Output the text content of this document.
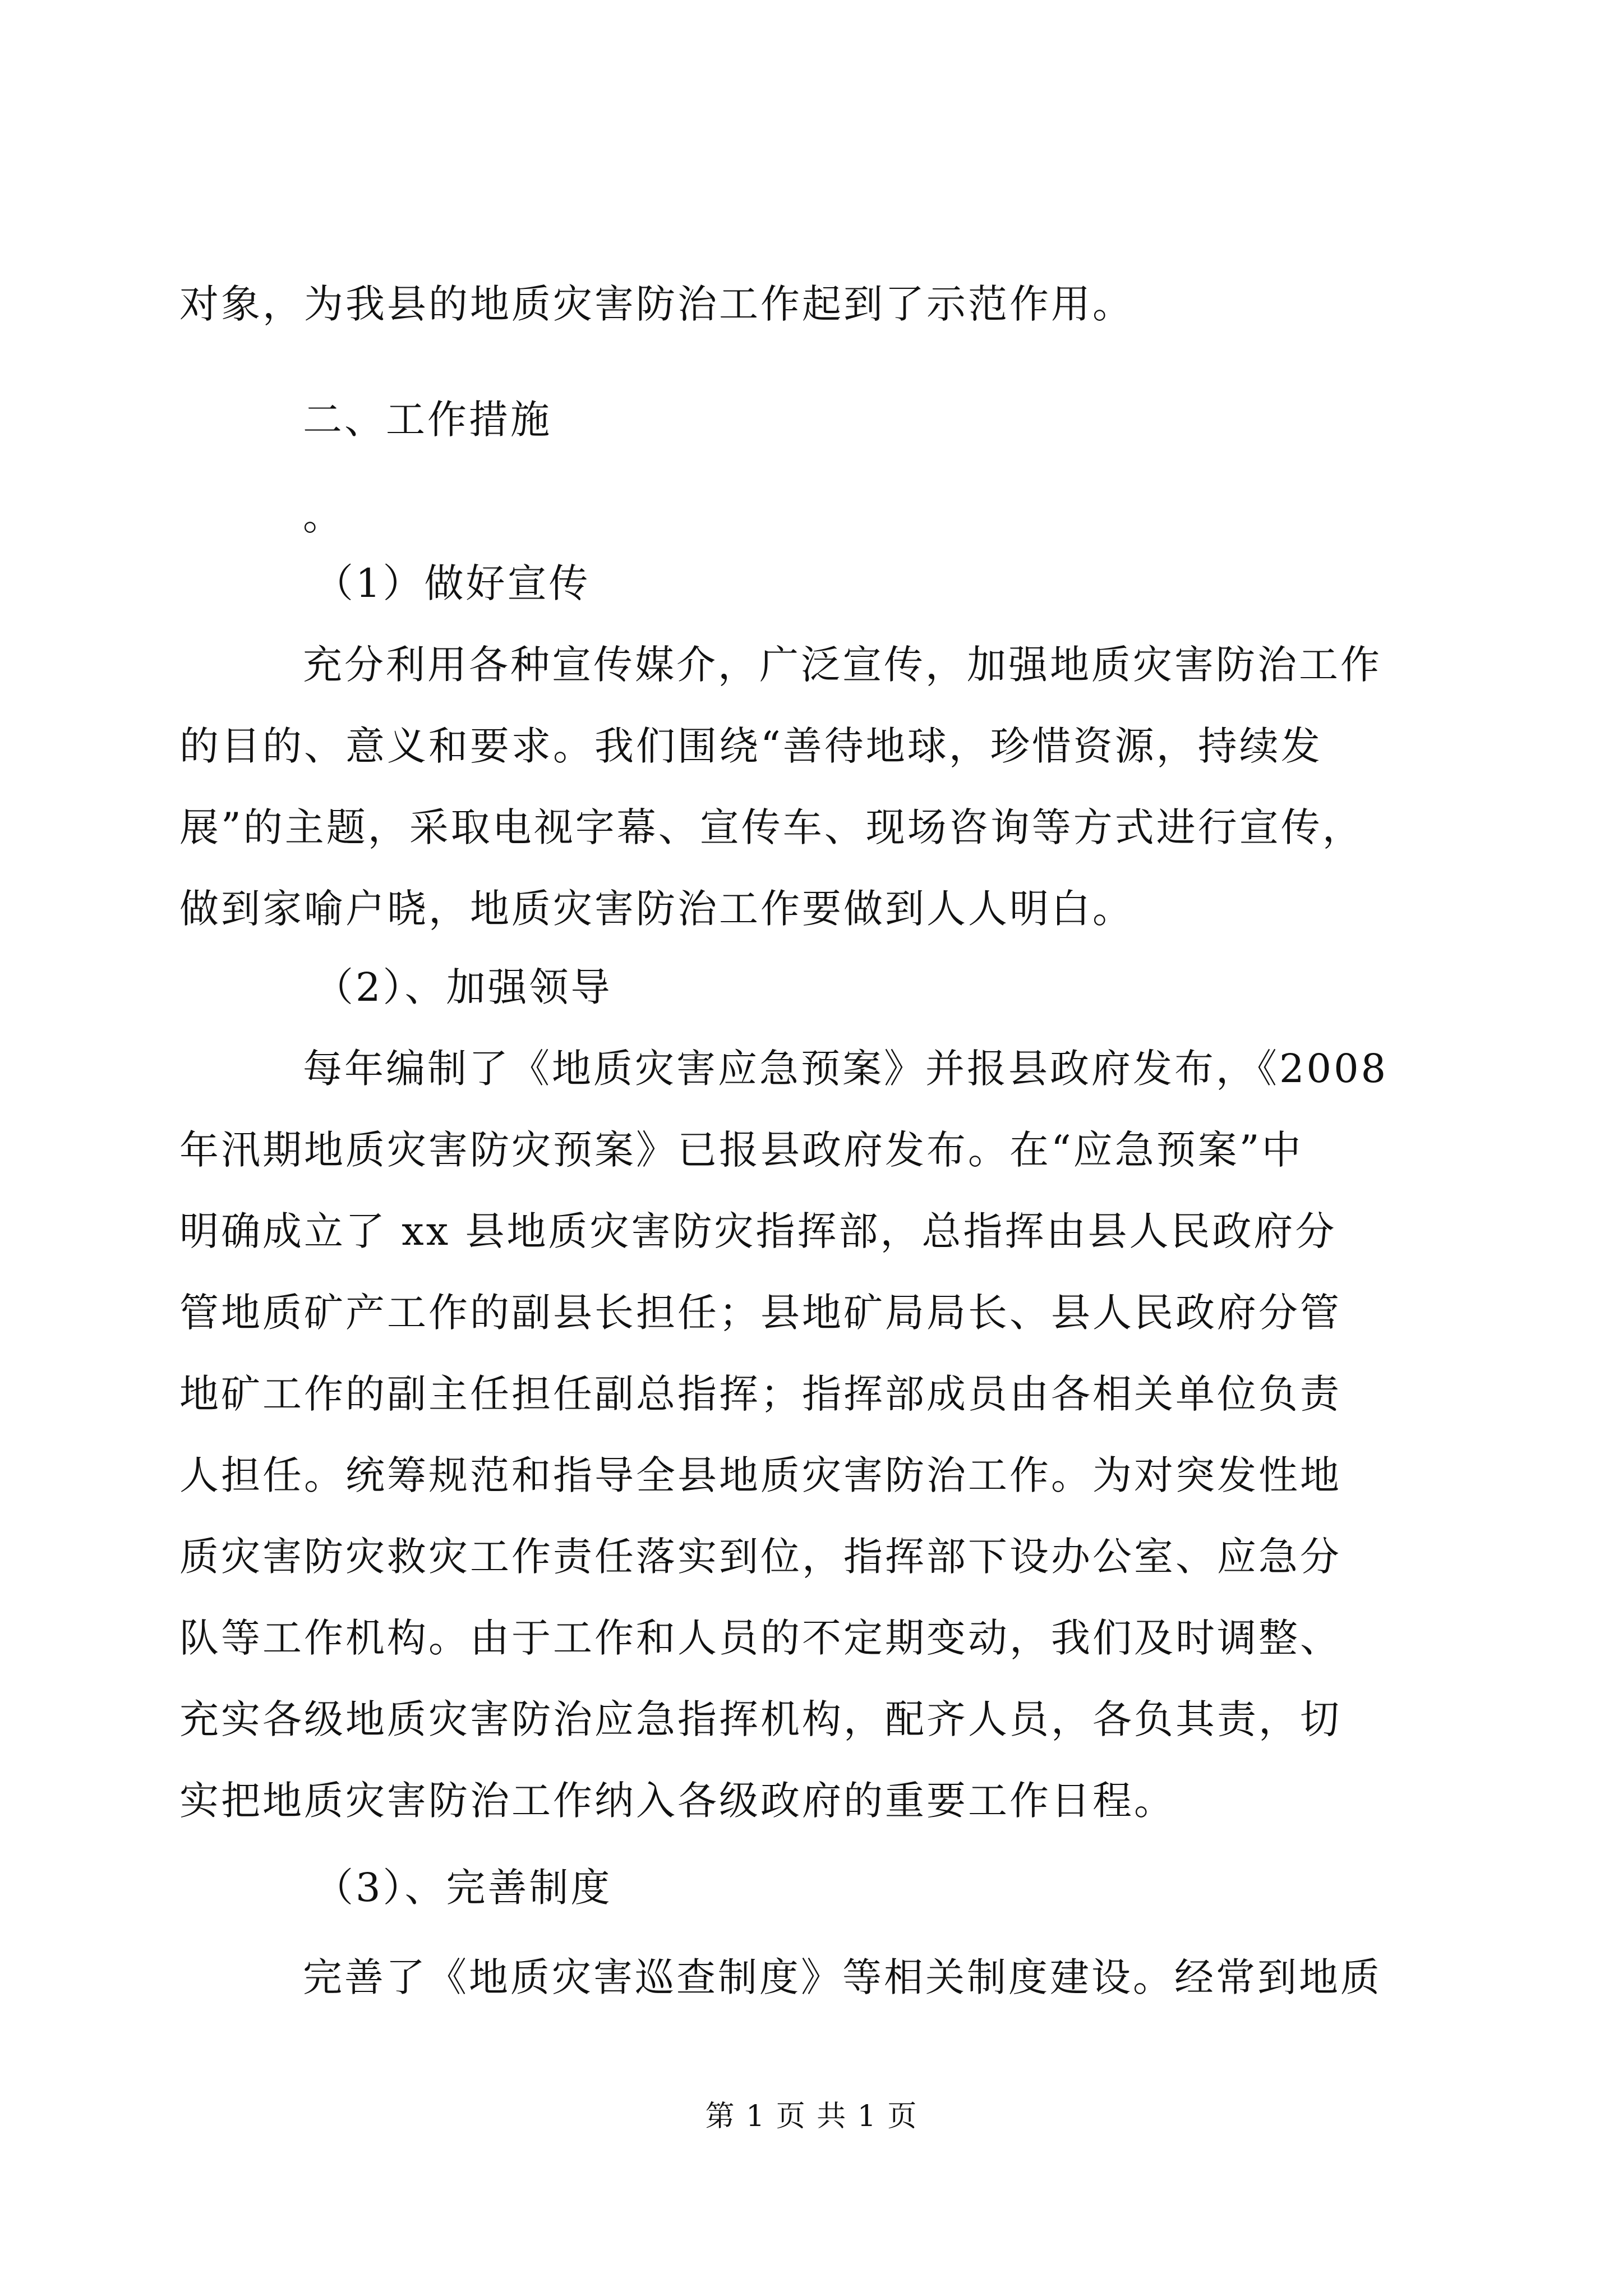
对象，为我县的地质灾害防治工作起到了示范作用。
二、工作措施
。
（1）做好宣传
充分利用各种宣传媒介，广泛宣传，加强地质灾害防治工作
的目的、意义和要求。我们围绕“善待地球，珍惜资源，持续发
展”的主题，采取电视字幕、宣传车、现场咨询等方式进行宣传，
做到家喻户晓，地质灾害防治工作要做到人人明白。
（2）、加强领导
每年编制了《地质灾害应急预案》并报县政府发布，《2008
年汛期地质灾害防灾预案》已报县政府发布。在“应急预案”中
明确成立了 xx 县地质灾害防灾指挥部，总指挥由县人民政府分
管地质矿产工作的副县长担任；县地矿局局长、县人民政府分管
地矿工作的副主任担任副总指挥；指挥部成员由各相关单位负责
人担任。统筹规范和指导全县地质灾害防治工作。为对突发性地
质灾害防灾救灾工作责任落实到位，指挥部下设办公室、应急分
队等工作机构。由于工作和人员的不定期变动，我们及时调整、
充实各级地质灾害防治应急指挥机构，配齐人员，各负其责，切
实把地质灾害防治工作纳入各级政府的重要工作日程。
（3）、完善制度
完善了《地质灾害巡查制度》等相关制度建设。经常到地质
第 1 页 共 1 页
